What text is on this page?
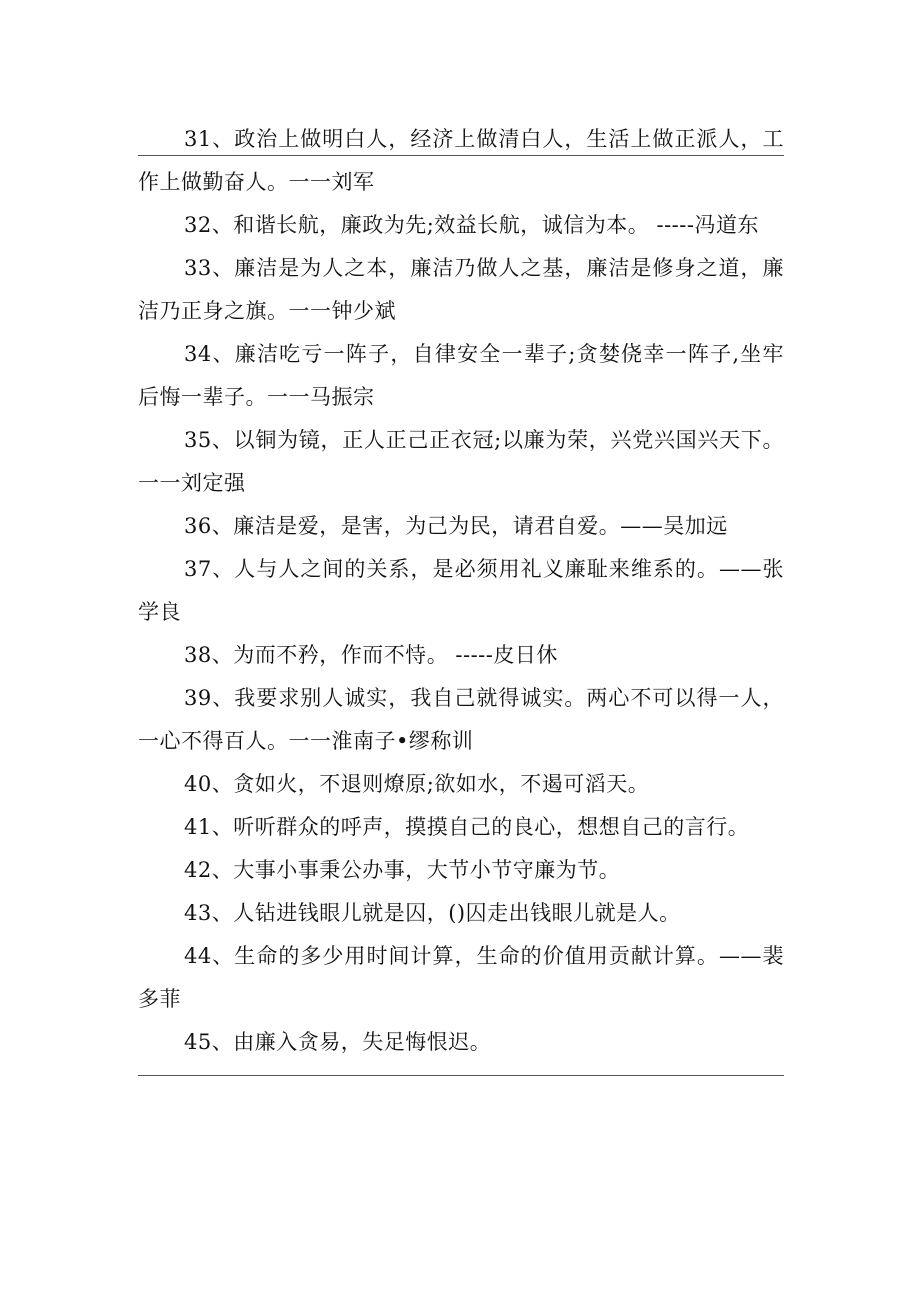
31、政治上做明白人，经济上做清白人，生活上做正派人，工作上做勤奋人。一一刘军

32、和谐长航，廉政为先;效益长航，诚信为本。 -----冯道东

33、廉洁是为人之本，廉洁乃做人之基，廉洁是修身之道，廉洁乃正身之旗。一一钟少斌

34、廉洁吃亏一阵子，自律安全一辈子;贪婪侥幸一阵子,坐牢后悔一辈子。一一马振宗

35、以铜为镜，正人正己正衣冠;以廉为荣，兴党兴国兴天下。一一刘定强

36、廉洁是爱，是害，为己为民，请君自爱。——吴加远

37、人与人之间的关系，是必须用礼义廉耻来维系的。——张学良

38、为而不矜，作而不恃。 -----皮日休

39、我要求别人诚实，我自己就得诚实。两心不可以得一人，一心不得百人。一一淮南子•缪称训

40、贪如火，不退则燎原;欲如水，不遏可滔天。

41、听听群众的呼声，摸摸自己的良心，想想自己的言行。

42、大事小事秉公办事，大节小节守廉为节。

43、人钻进钱眼儿就是囚，()囚走出钱眼儿就是人。

44、生命的多少用时间计算，生命的价值用贡献计算。——裴多菲

45、由廉入贪易，失足悔恨迟。
